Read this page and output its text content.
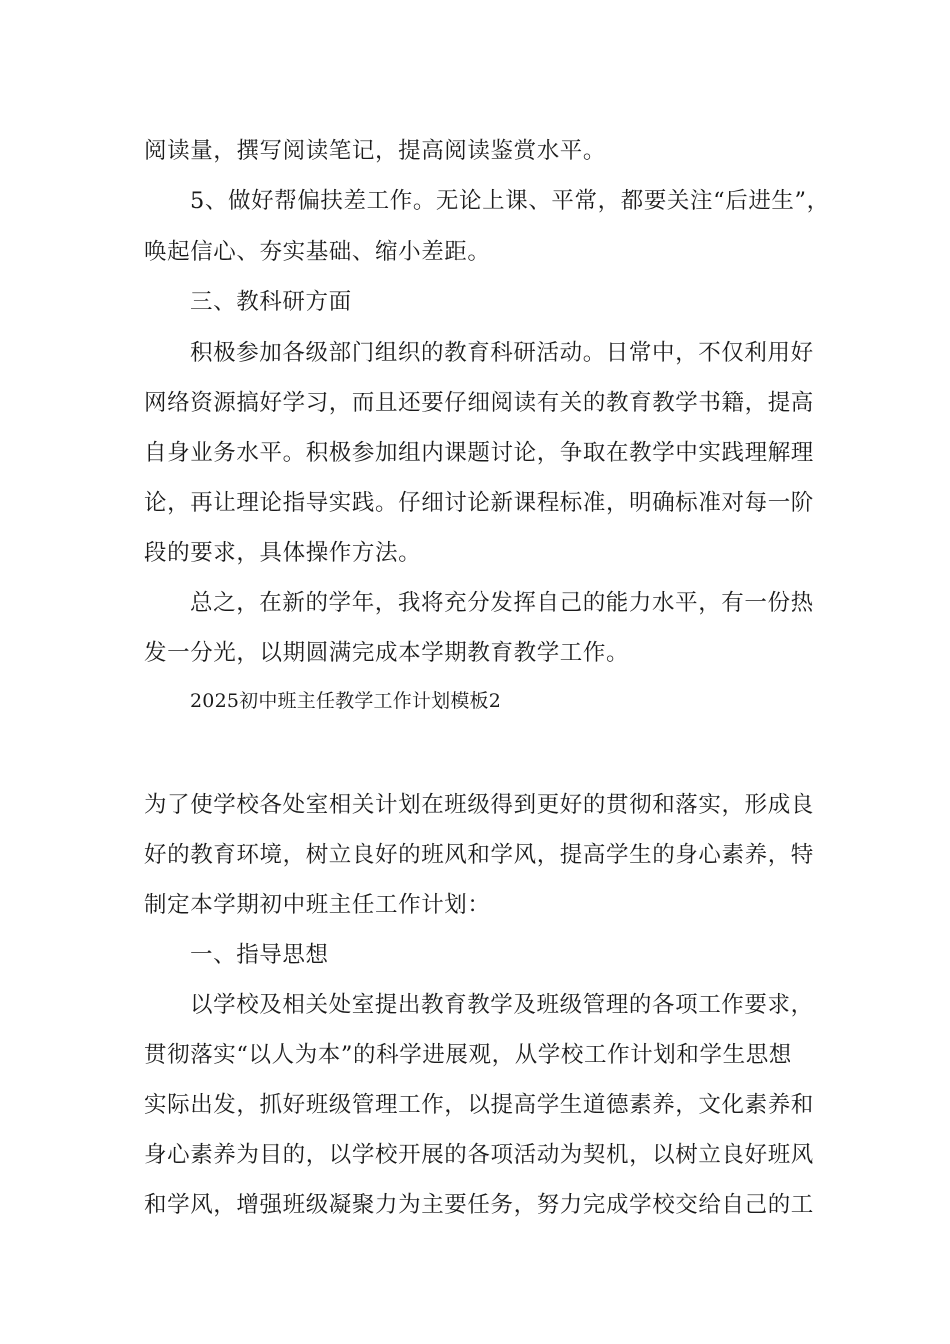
阅读量，撰写阅读笔记，提高阅读鉴赏水平。
5、做好帮偏扶差工作。无论上课、平常，都要关注“后进生”，
唤起信心、夯实基础、缩小差距。
三、教科研方面
积极参加各级部门组织的教育科研活动。日常中，不仅利用好
网络资源搞好学习，而且还要仔细阅读有关的教育教学书籍，提高
自身业务水平。积极参加组内课题讨论，争取在教学中实践理解理
论，再让理论指导实践。仔细讨论新课程标准，明确标准对每一阶
段的要求，具体操作方法。
总之，在新的学年，我将充分发挥自己的能力水平，有一份热
发一分光，以期圆满完成本学期教育教学工作。
2025初中班主任教学工作计划模板2
为了使学校各处室相关计划在班级得到更好的贯彻和落实，形成良
好的教育环境，树立良好的班风和学风，提高学生的身心素养，特
制定本学期初中班主任工作计划：
一、指导思想
以学校及相关处室提出教育教学及班级管理的各项工作要求，
贯彻落实“以人为本”的科学进展观，从学校工作计划和学生思想
实际出发，抓好班级管理工作，以提高学生道德素养，文化素养和
身心素养为目的，以学校开展的各项活动为契机，以树立良好班风
和学风，增强班级凝聚力为主要任务，努力完成学校交给自己的工
